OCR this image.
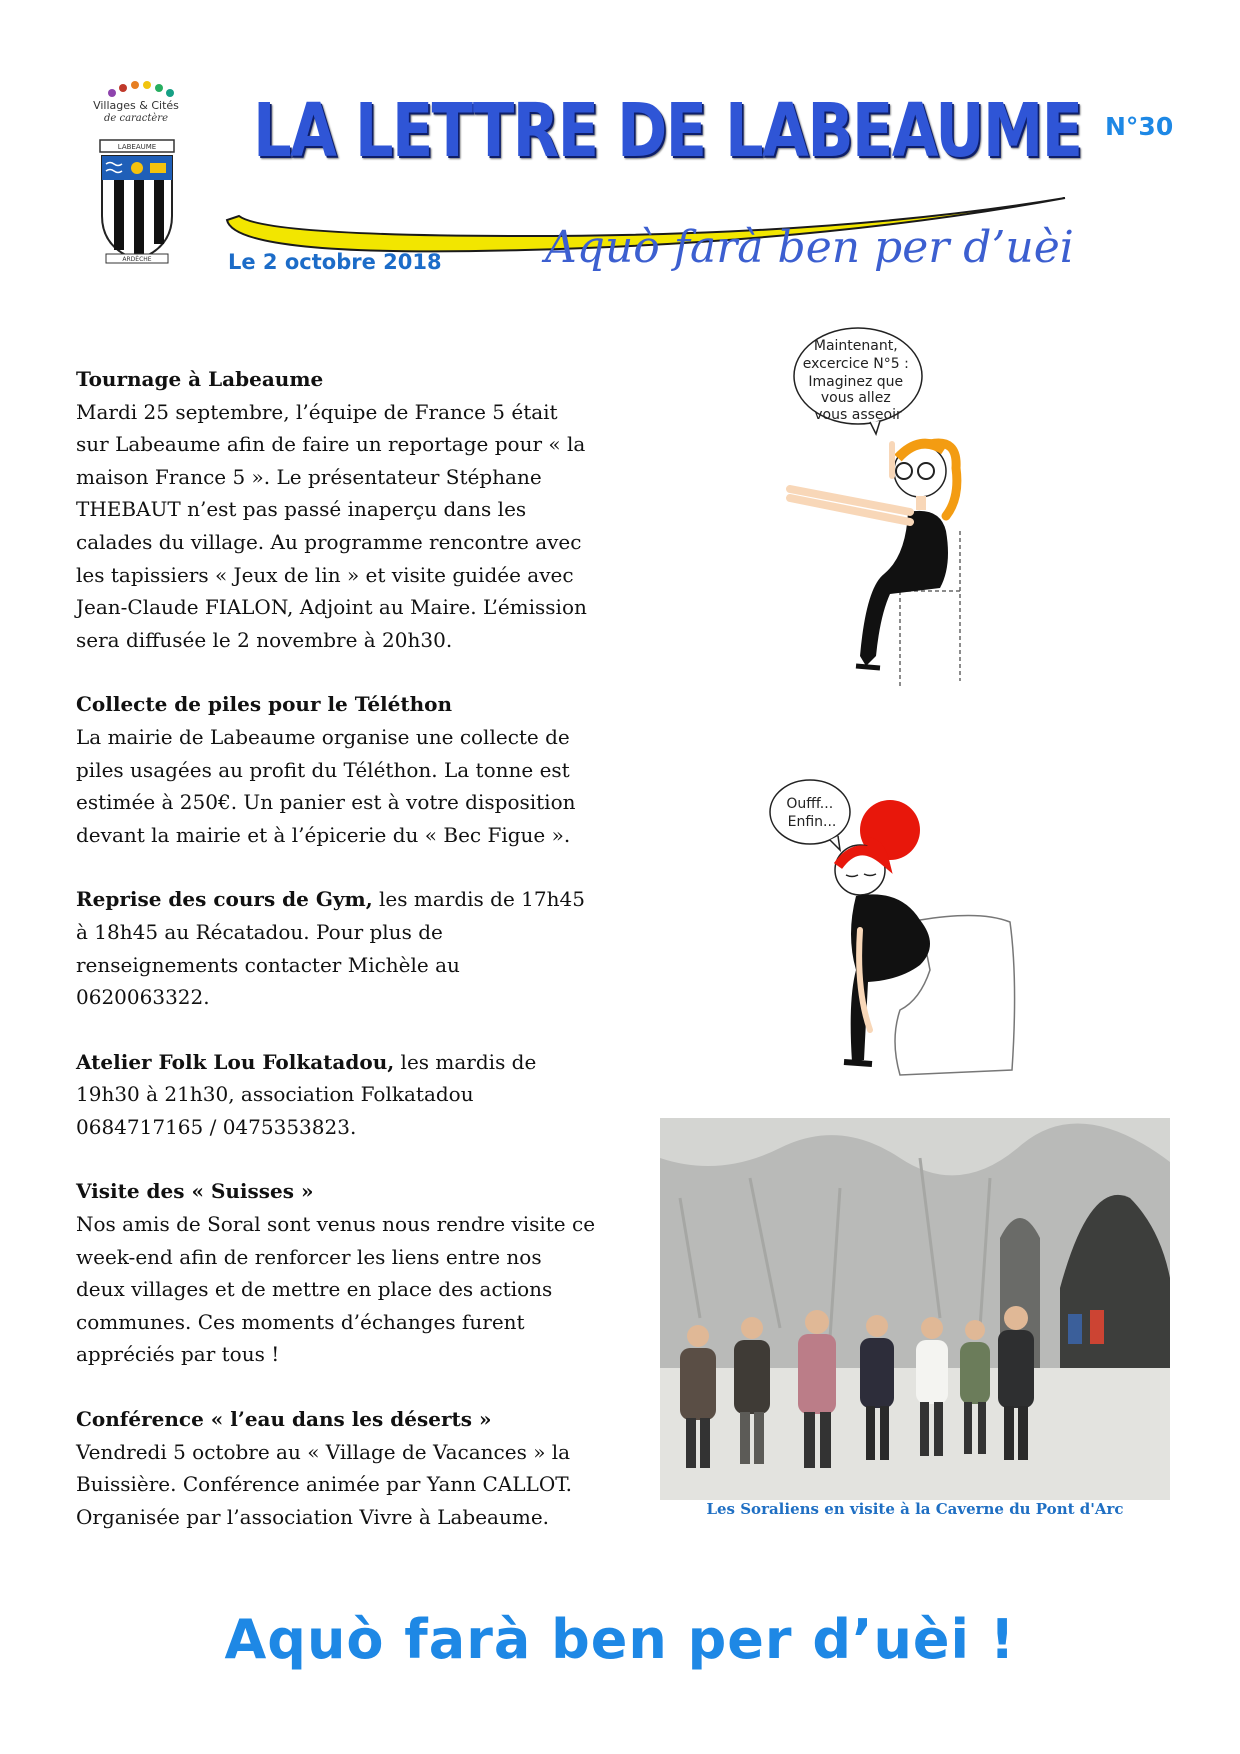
Villages & Cités
de caractère
LABEAUME
ARDÈCHE
LA LETTRE DE LABEAUME N°30
Le 2 octobre 2018 Aquò farà ben per d’uèi
Tournage à Labeaume

Mardi 25 septembre, l’équipe de France 5 était sur Labeaume afin de faire un reportage pour « la maison France 5 ». Le présentateur Stéphane THEBAUT n’est pas passé inaperçu dans les calades du village. Au programme rencontre avec les tapissiers « Jeux de lin » et visite guidée avec Jean-Claude FIALON, Adjoint au Maire. L’émission sera diffusée le 2 novembre à 20h30.

Collecte de piles pour le Téléthon

La mairie de Labeaume organise une collecte de piles usagées au profit du Téléthon. La tonne est estimée à 250€. Un panier est à votre disposition devant la mairie et à l’épicerie du « Bec Figue ».

Reprise des cours de Gym, les mardis de 17h45 à 18h45 au Récatadou. Pour plus de renseignements contacter Michèle au 0620063322.

Atelier Folk Lou Folkatadou, les mardis de 19h30 à 21h30, association Folkatadou 0684717165 / 0475353823.

Visite des « Suisses »

Nos amis de Soral sont venus nous rendre visite ce week-end afin de renforcer les liens entre nos deux villages et de mettre en place des actions communes. Ces moments d’échanges furent appréciés par tous !

Conférence « l’eau dans les déserts »

Vendredi 5 octobre au « Village de Vacances » la Buissière. Conférence animée par Yann CALLOT. Organisée par l’association Vivre à Labeaume.

Maintenant, excercice N°5 : Imaginez que vous allez vous asseoir
Oufff... Enfin...
Les Soraliens en visite à la Caverne du Pont d'Arc
Aquò farà ben per d’uèi !
